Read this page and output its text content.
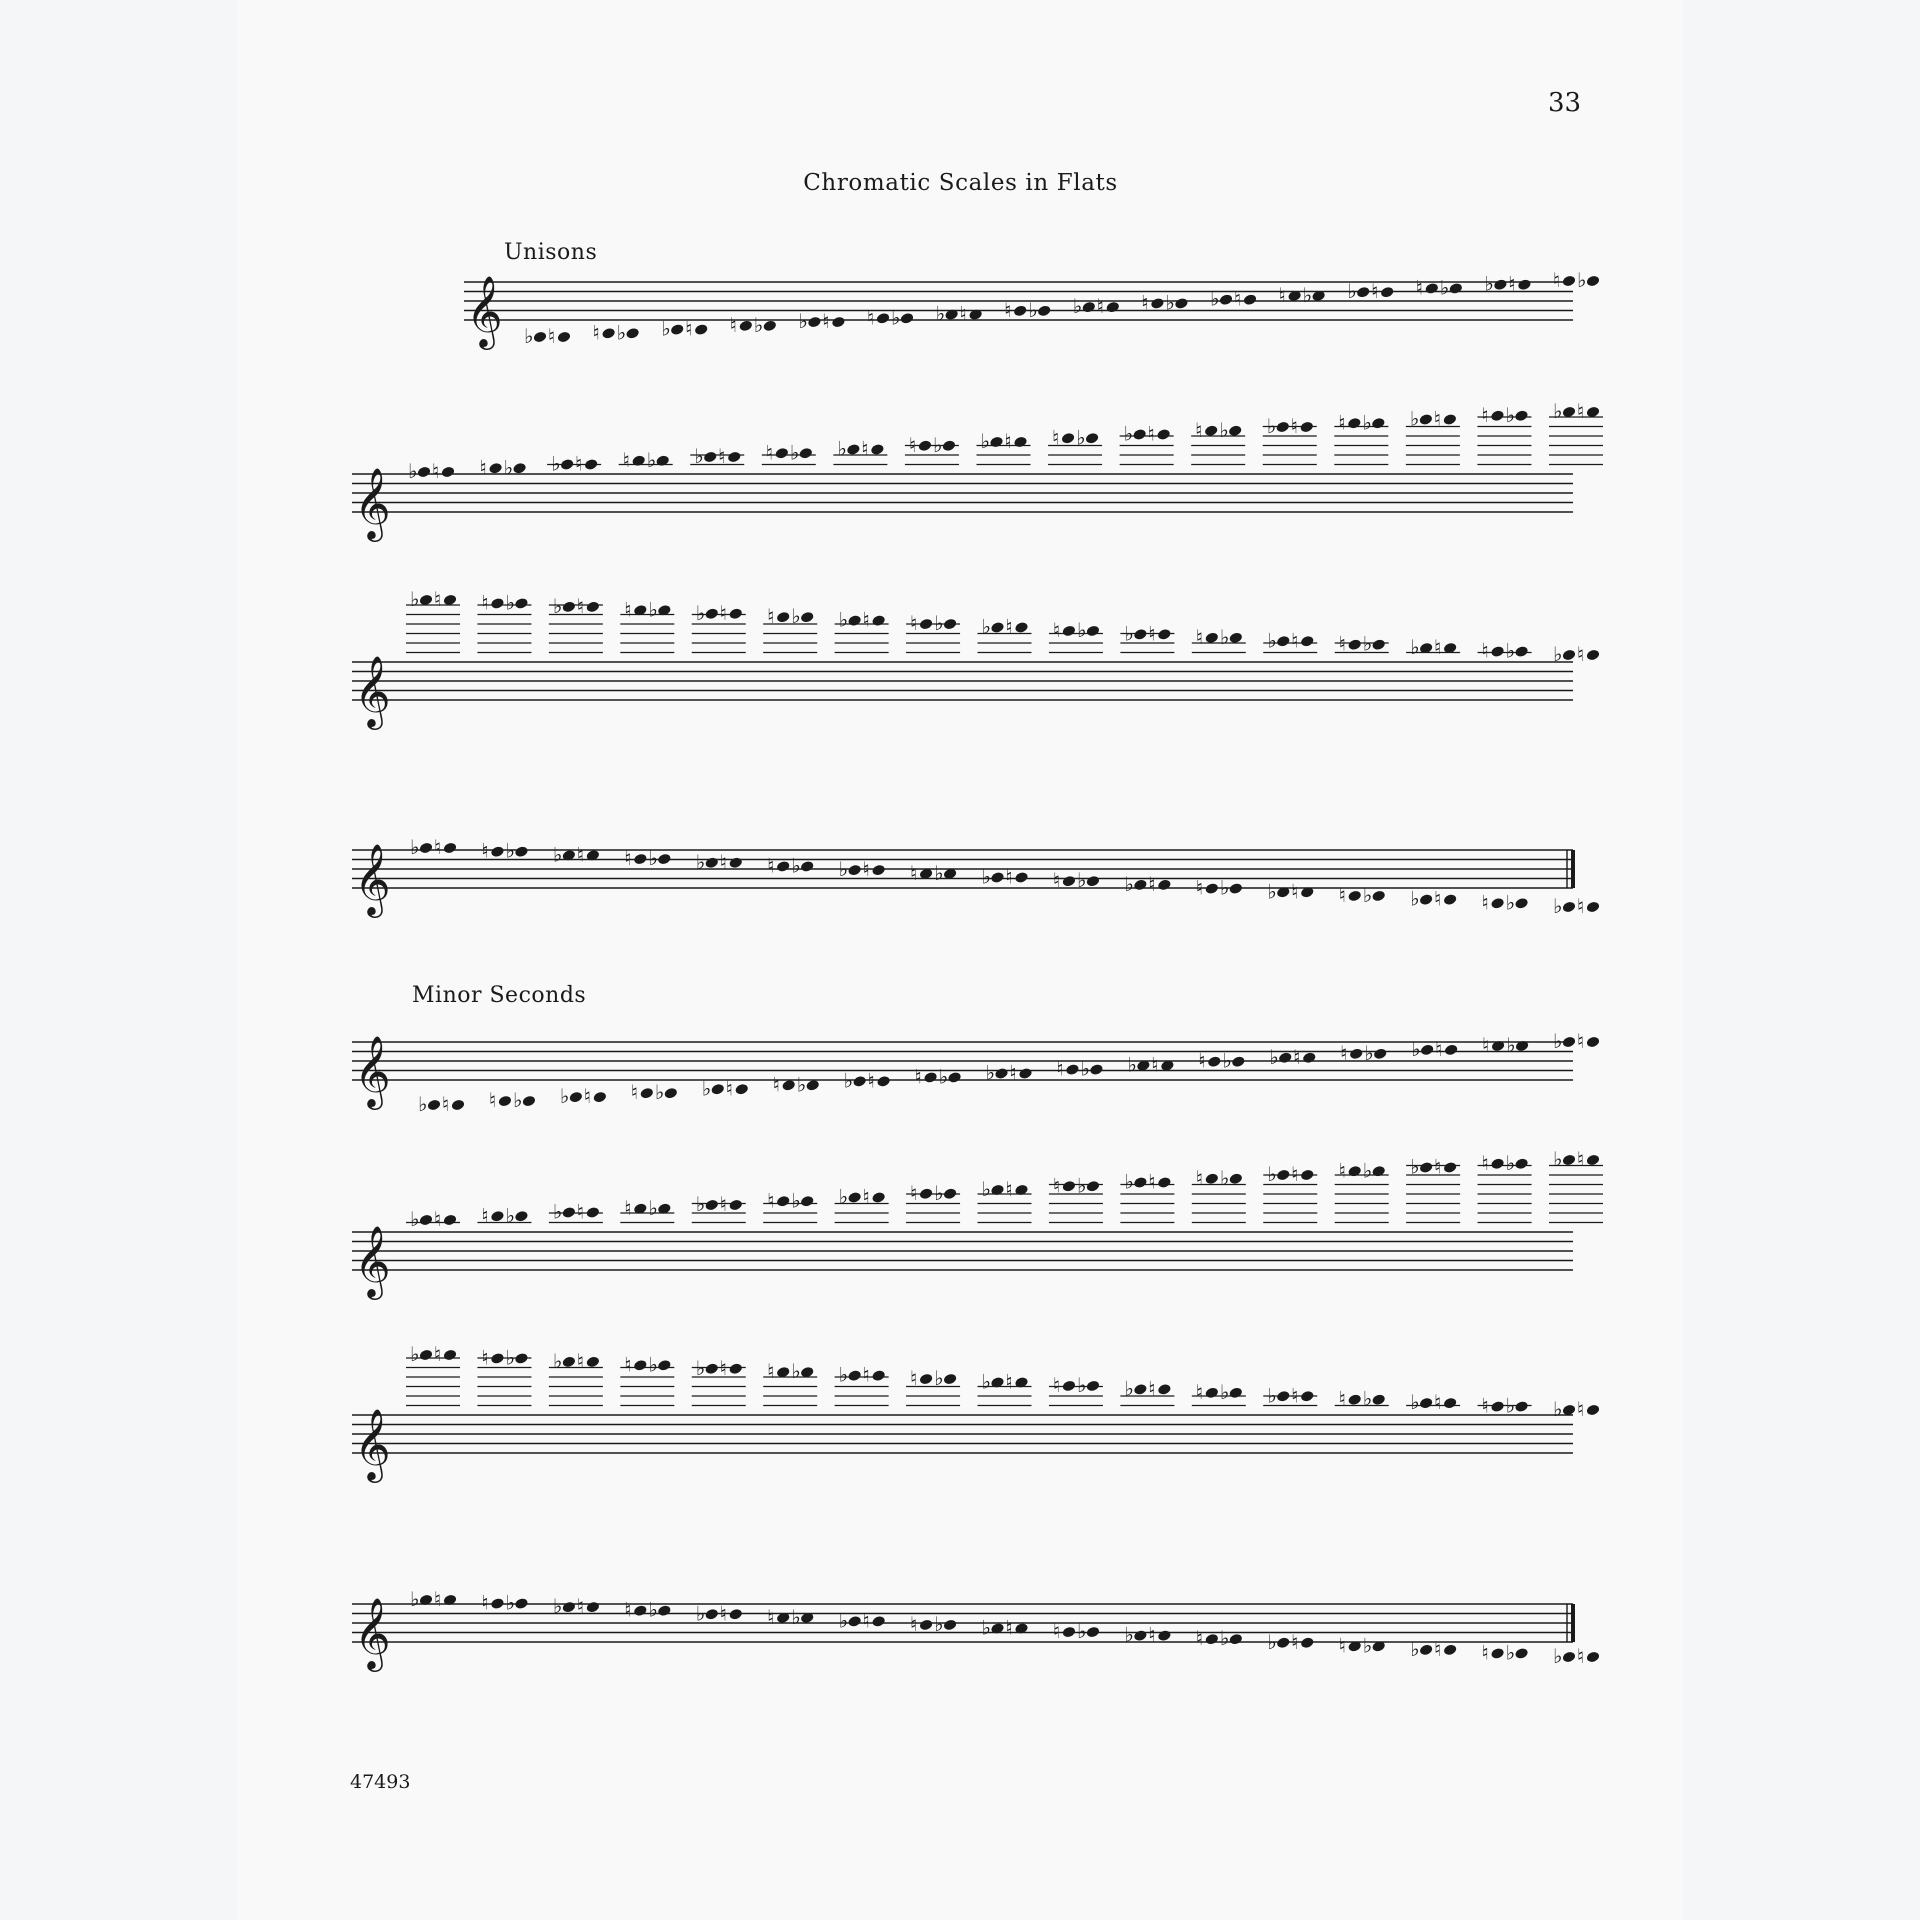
33
Chromatic Scales in Flats
Unisons
Minor Seconds
47493
𝄞 ♭ ♮ ♮ ♭ ♭ ♮ ♮ ♭ ♭ ♮ ♮ ♭ ♭ ♮ ♮ ♭ ♭ ♮ ♮ ♭ ♭ ♮ ♮ ♭ ♭ ♮ ♮ ♭ ♭ ♮ ♮ ♭
𝄞 ♭ ♮ ♮ ♭ ♭ ♮ ♮ ♭ ♭ ♮ ♮ ♭ ♭ ♮ ♮ ♭ ♭ ♮ ♮ ♭ ♭ ♮ ♮ ♭ ♭ ♮ ♮ ♭ ♭ ♮ ♮ ♭ ♭ ♮
𝄞
♭ ♮ ♮ ♭ ♭ ♮ ♮ ♭ ♭ ♮ ♮ ♭ ♭ ♮ ♮ ♭ ♭ ♮ ♮ ♭ ♭ ♮ ♮ ♭ ♭ ♮ ♮ ♭ ♭ ♮ ♮ ♭ ♭ ♮
𝄞 ♭ ♮ ♮ ♭ ♭ ♮ ♮ ♭ ♭ ♮ ♮ ♭ ♭ ♮ ♮ ♭ ♭ ♮ ♮ ♭ ♭ ♮ ♮ ♭ ♭ ♮ ♮ ♭ ♭ ♮ ♮ ♭ ♭ ♮
𝄞 ♭ ♮ ♮ ♭ ♭ ♮ ♮ ♭ ♭ ♮ ♮ ♭ ♭ ♮ ♮ ♭ ♭ ♮ ♮ ♭ ♭ ♮ ♮ ♭ ♭ ♮ ♮ ♭ ♭ ♮ ♮ ♭ ♭ ♮
𝄞
♭ ♮ ♮ ♭ ♭ ♮ ♮ ♭ ♭ ♮ ♮ ♭ ♭ ♮ ♮ ♭ ♭ ♮ ♮ ♭ ♭ ♮ ♮ ♭ ♭ ♮ ♮ ♭ ♭ ♮ ♮ ♭ ♭ ♮
𝄞
♭ ♮ ♮ ♭ ♭ ♮ ♮ ♭ ♭ ♮ ♮ ♭ ♭ ♮ ♮ ♭ ♭ ♮ ♮ ♭ ♭ ♮ ♮ ♭ ♭ ♮ ♮ ♭ ♭ ♮ ♮ ♭ ♭ ♮
𝄞 ♭ ♮ ♮ ♭ ♭ ♮ ♮ ♭ ♭ ♮ ♮ ♭ ♭ ♮ ♮ ♭ ♭ ♮ ♮ ♭ ♭ ♮ ♮ ♭ ♭ ♮ ♮ ♭ ♭ ♮ ♮ ♭ ♭ ♮
